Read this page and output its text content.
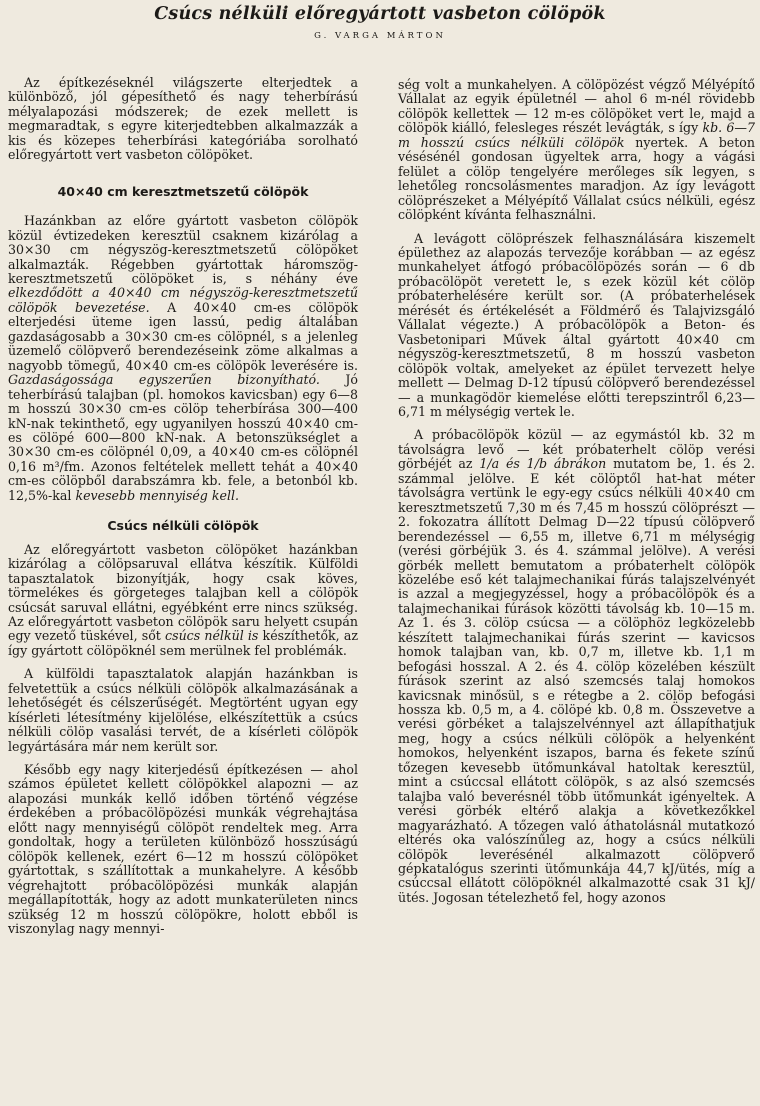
Csúcs nélküli előregyártott vasbeton cölöpök
G. VARGA MÁRTON

Az építkezéseknél világszerte elterjedtek a különböző, jól gépesíthető és nagy teherbírású mélyalapozási módszerek; de ezek mellett is megmaradtak, s egyre kiterjedtebben alkalmazzák a kis és közepes teherbírási kategóriába sorolható előregyártott vert vasbeton cölöpöket.

40×40 cm keresztmetszetű cölöpök

Hazánkban az előre gyártott vasbeton cölöpök közül évtizedeken keresztül csaknem kizárólag a 30×30 cm négyszög-keresztmetszetű cölöpöket alkalmazták. Régebben gyártottak háromszög-keresztmetszetű cölöpöket is, s néhány éve elkezdődött a 40×40 cm négyszög-keresztmetszetű cölöpök bevezetése. A 40×40 cm-es cölöpök elterjedési üteme igen lassú, pedig általában gazdaságosabb a 30×30 cm-es cölöpnél, s a jelenleg üzemelő cölöpverő berendezéseink zöme alkalmas a nagyobb tömegű, 40×40 cm-es cölöpök leverésére is. Gazdaságossága egyszerűen bizonyítható. Jó teherbírású talajban (pl. homokos kavicsban) egy 6—8 m hosszú 30×30 cm-es cölöp teherbírása 300—400 kN-nak tekinthető, egy ugyanilyen hosszú 40×40 cm-es cölöpé 600—800 kN-nak. A betonszükséglet a 30×30 cm-es cölöpnél 0,09, a 40×40 cm-es cölöpnél 0,16 m³/fm. Azonos feltételek mellett tehát a 40×40 cm-es cölöpből darabszámra kb. fele, a betonból kb. 12,5%-kal kevesebb mennyiség kell.

Csúcs nélküli cölöpök

Az előregyártott vasbeton cölöpöket hazánkban kizárólag a cölöpsaruval ellátva készítik. Külföldi tapasztalatok bizonyítják, hogy csak köves, törmelékes és görgeteges talajban kell a cölöpök csúcsát saruval ellátni, egyébként erre nincs szükség. Az előregyártott vasbeton cölöpök saru helyett csupán egy vezető tüskével, sőt csúcs nélkül is készíthetők, az így gyártott cölöpöknél sem merülnek fel problémák.

A külföldi tapasztalatok alapján hazánkban is felvetettük a csúcs nélküli cölöpök alkalmazásának a lehetőségét és célszerűségét. Megtörtént ugyan egy kísérleti létesítmény kijelölése, elkészítettük a csúcs nélküli cölöp vasalási tervét, de a kísérleti cölöpök legyártására már nem került sor.

Később egy nagy kiterjedésű építkezésen — ahol számos épületet kellett cölöpökkel alapozni — az alapozási munkák kellő időben történő végzése érdekében a próbacölöpözési munkák végrehajtása előtt nagy mennyiségű cölöpöt rendeltek meg. Arra gondoltak, hogy a területen különböző hosszúságú cölöpök kellenek, ezért 6—12 m hosszú cölöpöket gyártottak, s szállítottak a munkahelyre. A később végrehajtott próbacölöpözési munkák alapján megállapították, hogy az adott munkaterületen nincs szükség 12 m hosszú cölöpökre, holott ebből is viszonylag nagy mennyi-

ség volt a munkahelyen. A cölöpözést végző Mélyépítő Vállalat az egyik épületnél — ahol 6 m-nél rövidebb cölöpök kellettek — 12 m-es cölöpöket vert le, majd a cölöpök kiálló, felesleges részét levágták, s így kb. 6—7 m hosszú csúcs nélküli cölöpök nyertek. A beton vésésénél gondosan ügyeltek arra, hogy a vágási felület a cölöp tengelyére merőleges sík legyen, s lehetőleg roncsolásmentes maradjon. Az így levágott cölöprészeket a Mélyépítő Vállalat csúcs nélküli, egész cölöpként kívánta felhasználni.

A levágott cölöprészek felhasználására kiszemelt épülethez az alapozás tervezője korábban — az egész munkahelyet átfogó próbacölöpözés során — 6 db próbacölöpöt veretett le, s ezek közül két cölöp próbaterhelésére került sor. (A próbaterhelések mérését és értékelését a Földmérő és Talajvizsgáló Vállalat végezte.) A próbacölöpök a Beton- és Vasbetonipari Művek által gyártott 40×40 cm négyszög-keresztmetszetű, 8 m hosszú vasbeton cölöpök voltak, amelyeket az épület tervezett helye mellett — Delmag D-12 típusú cölöpverő berendezéssel — a munkagödör kiemelése előtti terepszintről 6,23—6,71 m mélységig vertek le.

A próbacölöpök közül — az egymástól kb. 32 m távolságra levő — két próbaterhelt cölöp verési görbéjét az 1/a és 1/b ábrákon mutatom be, 1. és 2. számmal jelölve. E két cölöptől hat-hat méter távolságra vertünk le egy-egy csúcs nélküli 40×40 cm keresztmetszetű 7,30 m és 7,45 m hosszú cölöprészt — 2. fokozatra állított Delmag D—22 típusú cölöpverő berendezéssel — 6,55 m, illetve 6,71 m mélységig (verési görbéjük 3. és 4. számmal jelölve). A verési görbék mellett bemutatom a próbaterhelt cölöpök közelébe eső két talajmechanikai fúrás talajszelvényét is azzal a megjegyzéssel, hogy a próbacölöpök és a talajmechanikai fúrások közötti távolság kb. 10—15 m. Az 1. és 3. cölöp csúcsa — a cölöphöz legközelebb készített talajmechanikai fúrás szerint — kavicsos homok talajban van, kb. 0,7 m, illetve kb. 1,1 m befogási hosszal. A 2. és 4. cölöp közelében készült fúrások szerint az alsó szemcsés talaj homokos kavicsnak minősül, s e rétegbe a 2. cölöp befogási hossza kb. 0,5 m, a 4. cölöpé kb. 0,8 m. Összevetve a verési görbéket a talajszelvénnyel azt állapíthatjuk meg, hogy a csúcs nélküli cölöpök a helyenként homokos, helyenként iszapos, barna és fekete színű tőzegen kevesebb ütőmunkával hatoltak keresztül, mint a csúccsal ellátott cölöpök, s az alsó szemcsés talajba való beverésnél több ütőmunkát igényeltek. A verési görbék eltérő alakja a következőkkel magyarázható. A tőzegen való áthatolásnál mutatkozó eltérés oka valószínűleg az, hogy a csúcs nélküli cölöpök leverésénél alkalmazott cölöpverő gépkatalógus szerinti ütőmunkája 44,7 kJ/ütés, míg a csúccsal ellátott cölöpöknél alkalmazotté csak 31 kJ/ütés. Jogosan tételezhető fel, hogy azonos
